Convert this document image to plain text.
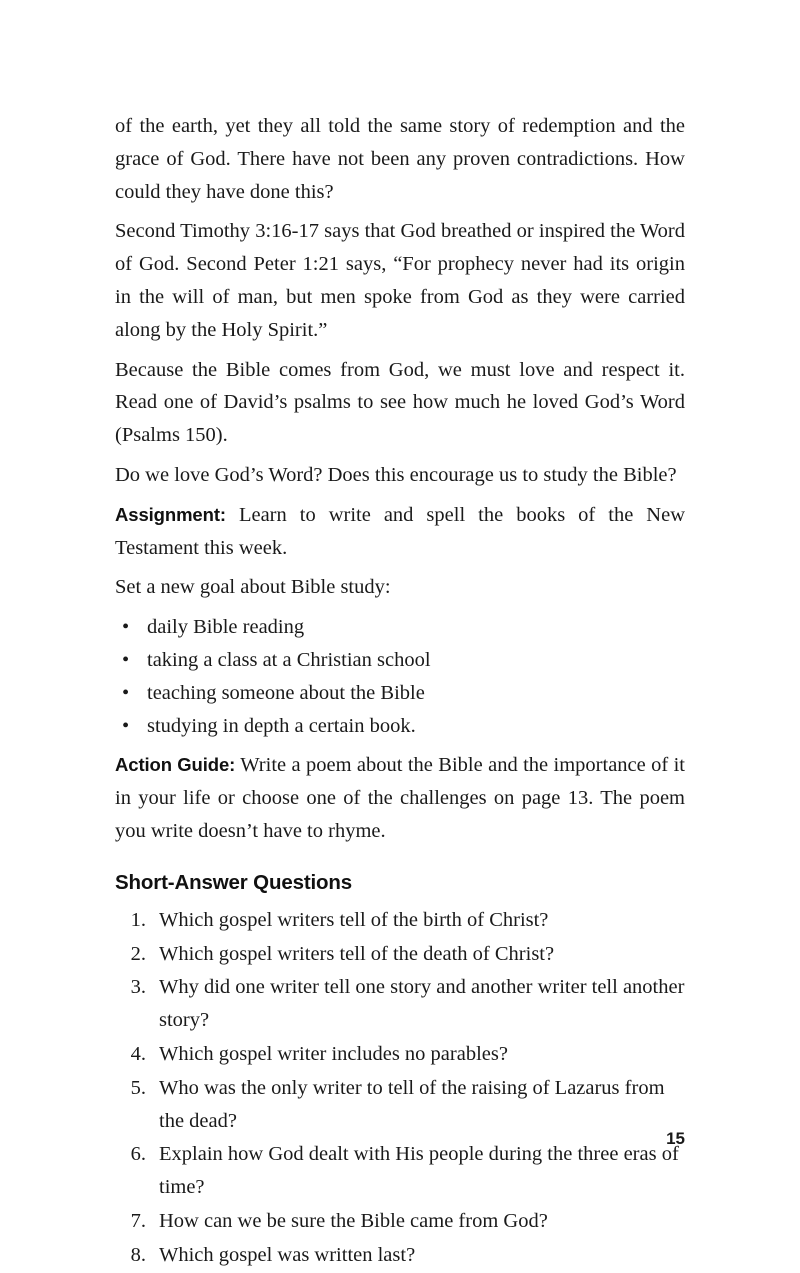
of the earth, yet they all told the same story of redemption and the grace of God. There have not been any proven contradictions. How could they have done this?

Second Timothy 3:16-17 says that God breathed or inspired the Word of God. Second Peter 1:21 says, “For prophecy never had its origin in the will of man, but men spoke from God as they were carried along by the Holy Spirit.”

Because the Bible comes from God, we must love and respect it. Read one of David’s psalms to see how much he loved God’s Word (Psalms 150).

Do we love God’s Word? Does this encourage us to study the Bible?

Assignment: Learn to write and spell the books of the New Testament this week.

Set a new goal about Bible study:

• daily Bible reading
• taking a class at a Christian school
• teaching someone about the Bible
• studying in depth a certain book.

Action Guide: Write a poem about the Bible and the importance of it in your life or choose one of the challenges on page 13. The poem you write doesn’t have to rhyme.

Short-Answer Questions
1. Which gospel writers tell of the birth of Christ?
2. Which gospel writers tell of the death of Christ?
3. Why did one writer tell one story and another writer tell another story?
4. Which gospel writer includes no parables?
5. Who was the only writer to tell of the raising of Lazarus from the dead?
6. Explain how God dealt with His people during the three eras of time?
7. How can we be sure the Bible came from God?
8. Which gospel was written last?
15
